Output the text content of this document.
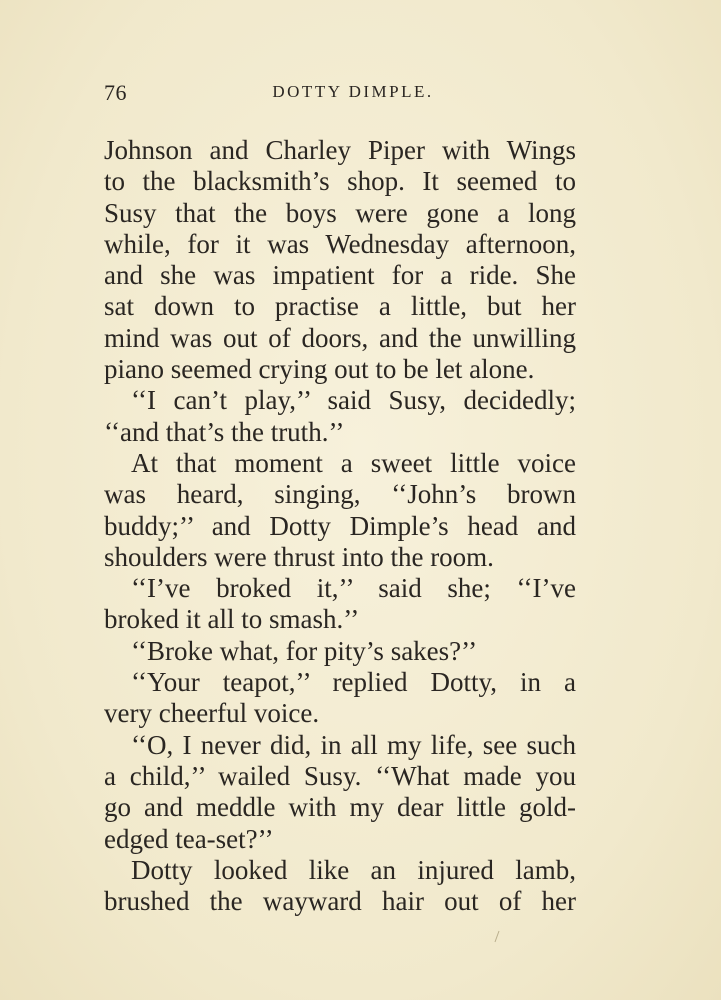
76	DOTTY DIMPLE.
Johnson and Charley Piper with Wings
to the blacksmith’s shop. It seemed to
Susy that the boys were gone a long
while, for it was Wednesday afternoon,
and she was impatient for a ride. She
sat down to practise a little, but her
mind was out of doors, and the unwilling
piano seemed crying out to be let alone.
‘‘I can’t play,’’ said Susy, decidedly;
‘‘and that’s the truth.’’
At that moment a sweet little voice
was heard, singing, ‘‘John’s brown
buddy;’’ and Dotty Dimple’s head and
shoulders were thrust into the room.
‘‘I’ve broked it,’’ said she; ‘‘I’ve
broked it all to smash.’’
‘‘Broke what, for pity’s sakes?’’
‘‘Your teapot,’’ replied Dotty, in a
very cheerful voice.
‘‘O, I never did, in all my life, see such
a child,’’ wailed Susy. ‘‘What made you
go and meddle with my dear little gold-
edged tea-set?’’
Dotty looked like an injured lamb,
brushed the wayward hair out of her
